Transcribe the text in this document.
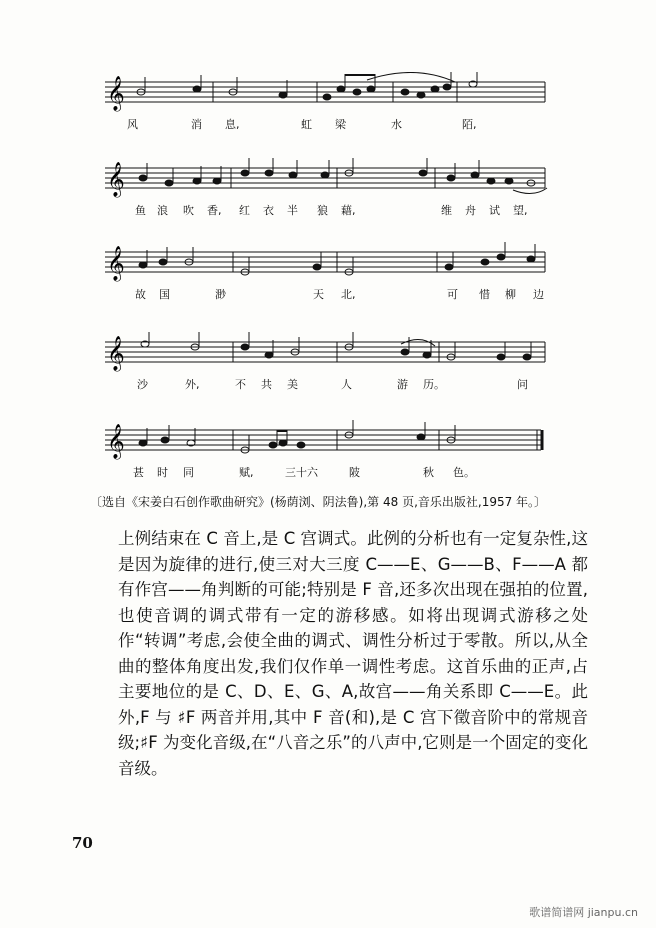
𝄞
风	消 息,	虹 梁	水	陌,
𝄞
鱼 浪 吹 香, 红 衣 半 狼 藉,	维 舟 试 望,
𝄞
故 国	渺	天 北,	可 惜 柳 边
𝄞
沙	外,	不 共 美	人	游 历。	问
𝄞
甚 时 同	赋,	三十六	陂	秋 色。
〔选自《宋姜白石创作歌曲研究》(杨荫浏、阴法鲁),第 48 页,音乐出版社,1957 年。〕

上例结束在 C 音上,是 C 宫调式。此例的分析也有一定复杂性,这是因为旋律的进行,使三对大三度 C——E、G——B、F——A 都有作宫——角判断的可能;特别是 F 音,还多次出现在强拍的位置,也使音调的调式带有一定的游移感。如将出现调式游移之处作“转调”考虑,会使全曲的调式、调性分析过于零散。所以,从全曲的整体角度出发,我们仅作单一调性考虑。这首乐曲的正声,占主要地位的是 C、D、E、G、A,故宫——角关系即 C——E。此外,F 与 ♯F 两音并用,其中 F 音(和),是 C 宫下徵音阶中的常规音级;♯F 为变化音级,在“八音之乐”的八声中,它则是一个固定的变化音级。

70
歌谱简谱网 jianpu.cn
